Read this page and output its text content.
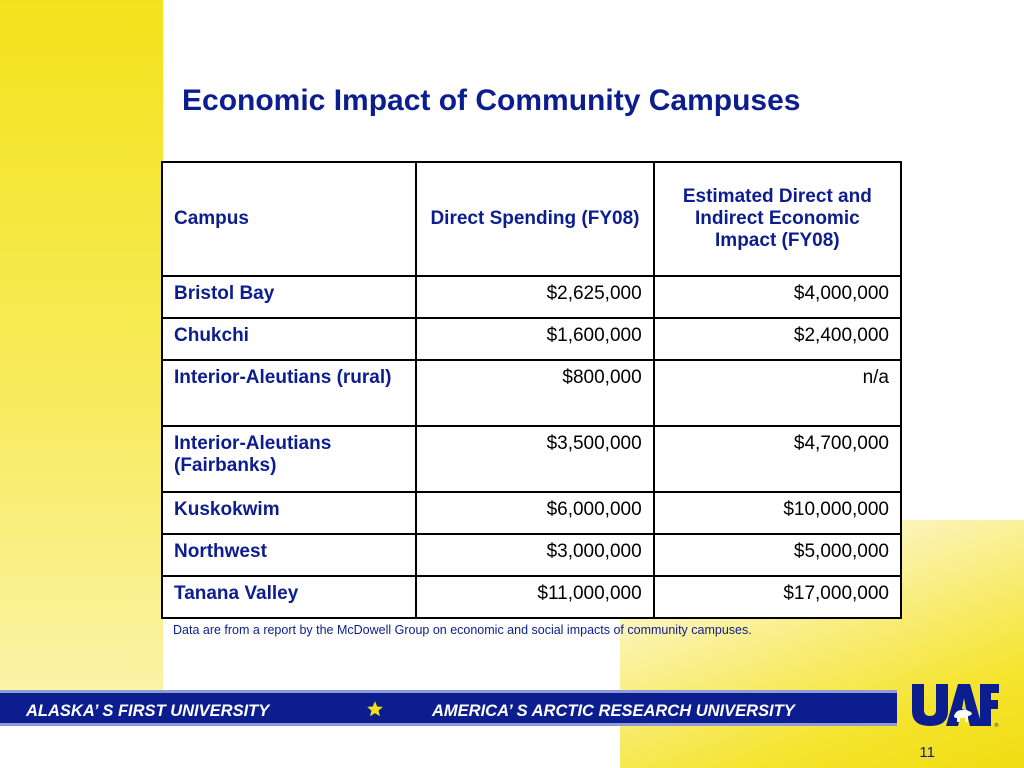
Economic Impact of Community Campuses
Campus	Direct Spending (FY08)	Estimated Direct and Indirect Economic Impact (FY08)
Bristol Bay	$2,625,000	$4,000,000
Chukchi	$1,600,000	$2,400,000
Interior-Aleutians (rural)	$800,000	n/a
Interior-Aleutians (Fairbanks)	$3,500,000	$4,700,000
Kuskokwim	$6,000,000	$10,000,000
Northwest	$3,000,000	$5,000,000
Tanana Valley	$11,000,000	$17,000,000
Data are from a report by the McDowell Group on economic and social impacts of community campuses.
ALASKA’ S FIRST UNIVERSITY	AMERICA’ S ARCTIC RESEARCH UNIVERSITY
®
11
